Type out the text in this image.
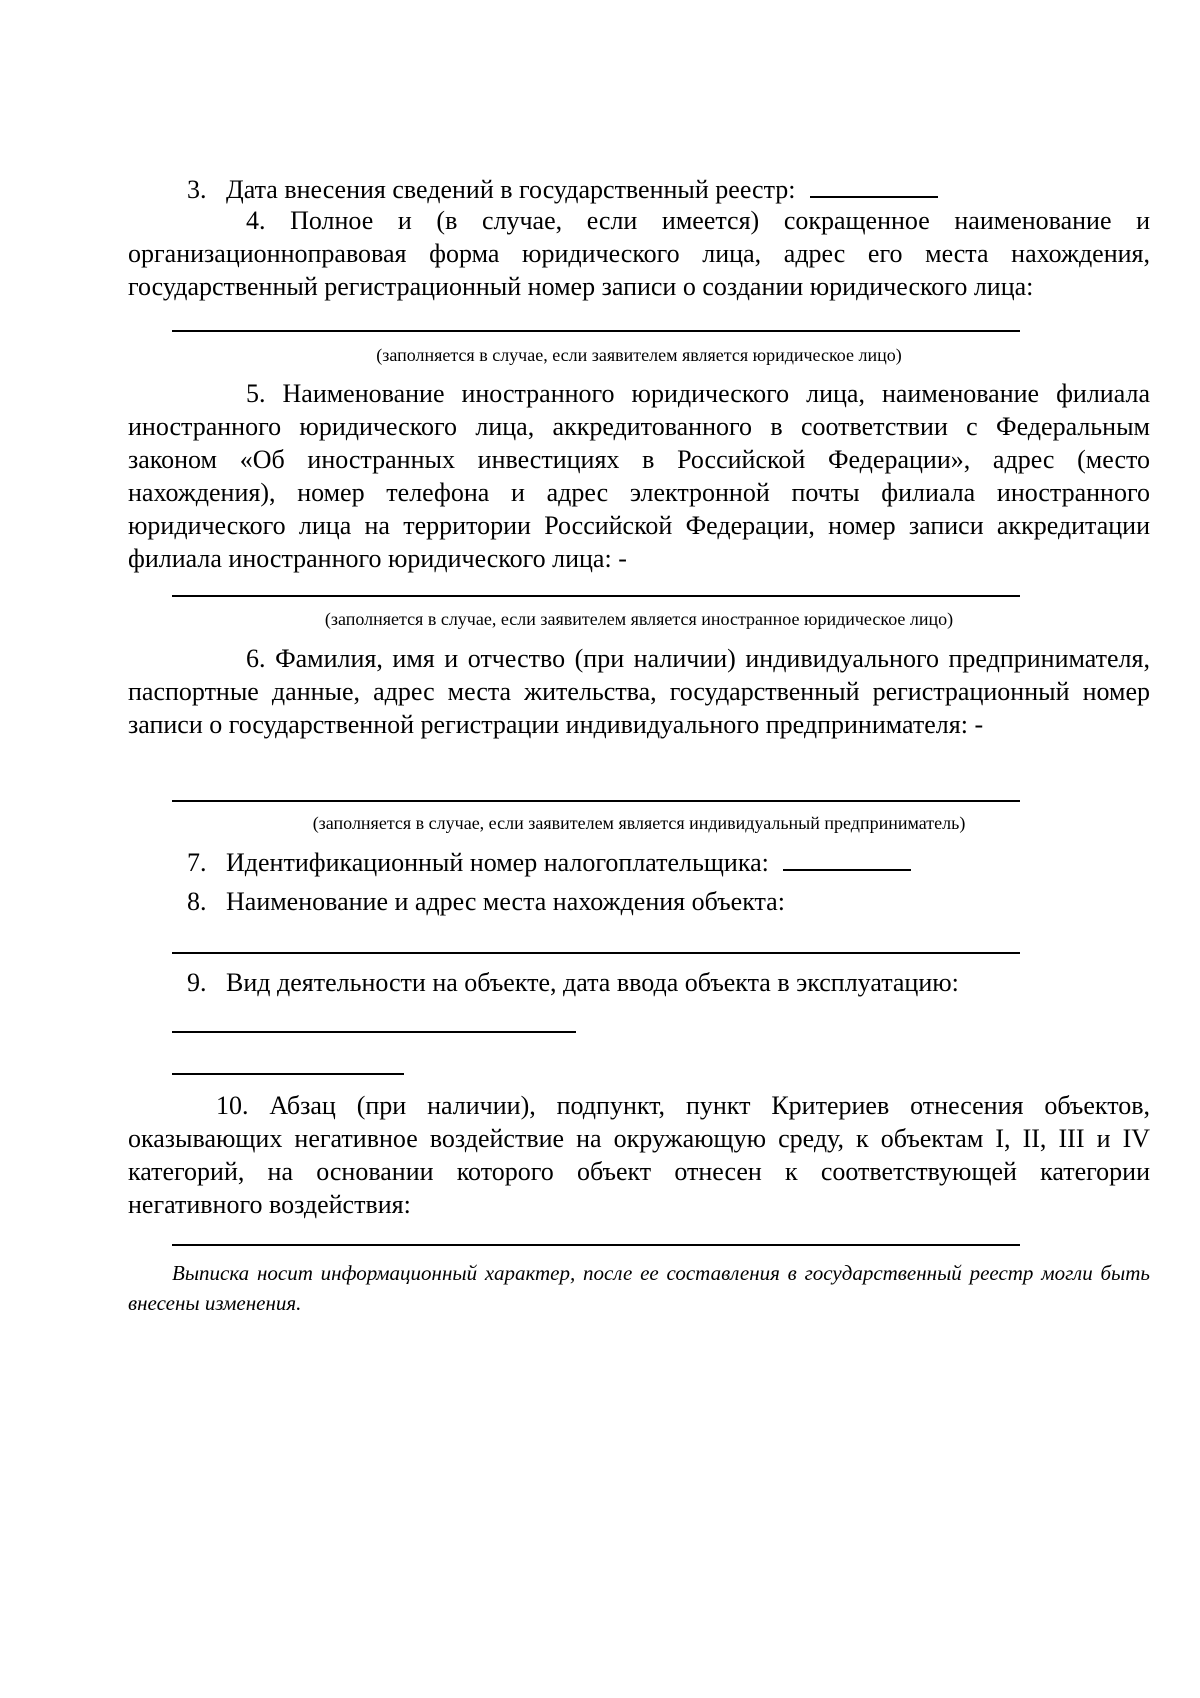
3. Дата внесения сведений в государственный реестр:

4. Полное и (в случае, если имеется) сокращенное наименование и организационноправовая форма юридического лица, адрес его места нахождения, государственный регистрационный номер записи о создании юридического лица:

(заполняется в случае, если заявителем является юридическое лицо)

5. Наименование иностранного юридического лица, наименование филиала иностранного юридического лица, аккредитованного в соответствии с Федеральным законом «Об иностранных инвестициях в Российской Федерации», адрес (место нахождения), номер телефона и адрес электронной почты филиала иностранного юридического лица на территории Российской Федерации, номер записи аккредитации филиала иностранного юридического лица: -

(заполняется в случае, если заявителем является иностранное юридическое лицо)

6. Фамилия, имя и отчество (при наличии) индивидуального предпринимателя, паспортные данные, адрес места жительства, государственный регистрационный номер записи о государственной регистрации индивидуального предпринимателя: -

(заполняется в случае, если заявителем является индивидуальный предприниматель)
7. Идентификационный номер налогоплательщика:
8. Наименование и адрес места нахождения объекта:
9. Вид деятельности на объекте, дата ввода объекта в эксплуатацию:

10. Абзац (при наличии), подпункт, пункт Критериев отнесения объектов, оказывающих негативное воздействие на окружающую среду, к объектам I, II, III и IV категорий, на основании которого объект отнесен к соответствующей категории негативного воздействия:

Выписка носит информационный характер, после ее составления в государственный реестр могли быть внесены изменения.
